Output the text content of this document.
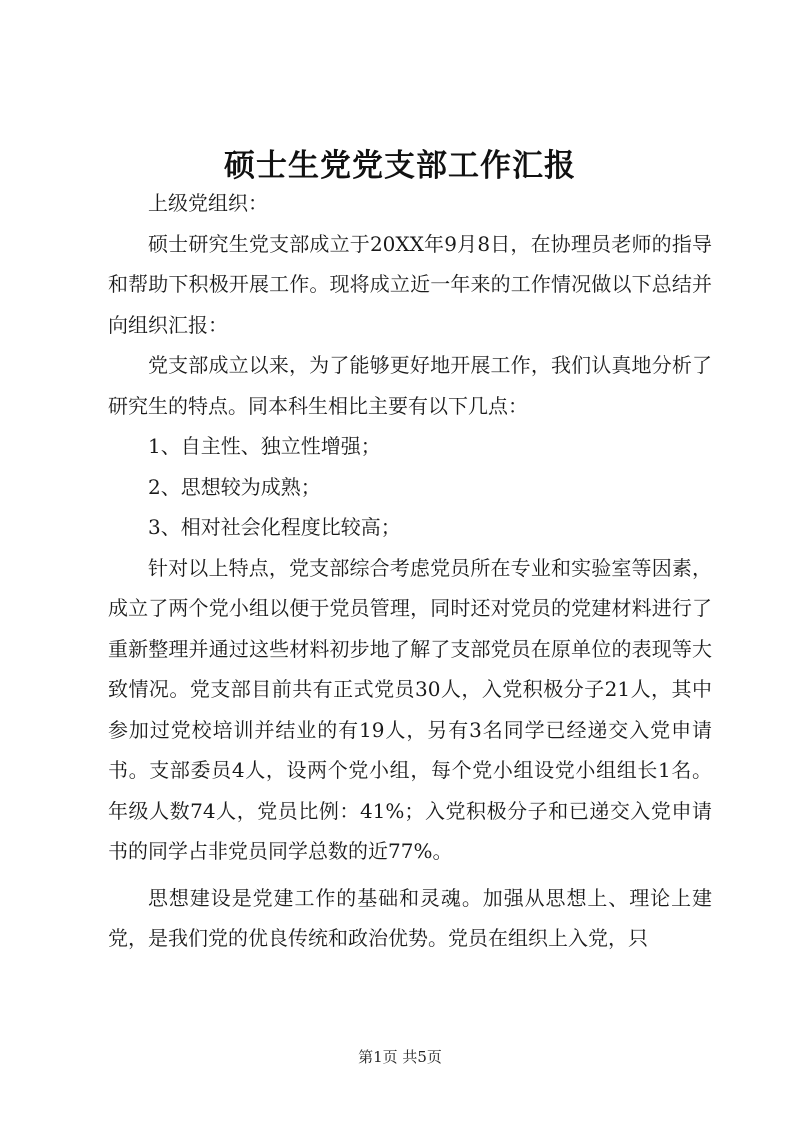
硕士生党党支部工作汇报

上级党组织：

硕士研究生党支部成立于20XX年9月8日，在协理员老师的指导和帮助下积极开展工作。现将成立近一年来的工作情况做以下总结并向组织汇报：

党支部成立以来，为了能够更好地开展工作，我们认真地分析了研究生的特点。同本科生相比主要有以下几点：

1、自主性、独立性增强；

2、思想较为成熟；

3、相对社会化程度比较高；

针对以上特点，党支部综合考虑党员所在专业和实验室等因素，成立了两个党小组以便于党员管理，同时还对党员的党建材料进行了重新整理并通过这些材料初步地了解了支部党员在原单位的表现等大致情况。党支部目前共有正式党员30人，入党积极分子21人，其中参加过党校培训并结业的有19人，另有3名同学已经递交入党申请书。支部委员4人，设两个党小组，每个党小组设党小组组长1名。年级人数74人，党员比例：41%；入党积极分子和已递交入党申请书的同学占非党员同学总数的近77%。

思想建设是党建工作的基础和灵魂。加强从思想上、理论上建党，是我们党的优良传统和政治优势。党员在组织上入党，只

第1页 共5页
